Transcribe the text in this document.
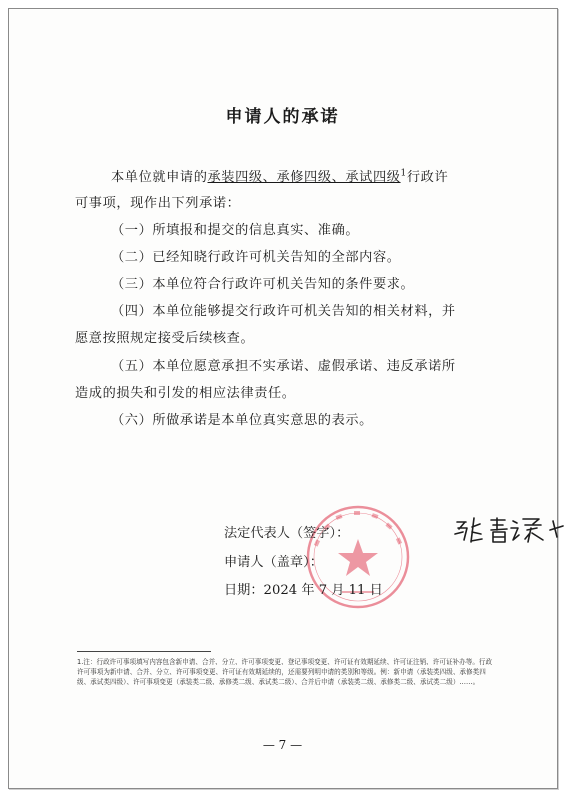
申请人的承诺
本单位就申请的承装四级、承修四级、承试四级$^1$行政许
可事项，现作出下列承诺：
（一）所填报和提交的信息真实、准确。
（二）已经知晓行政许可机关告知的全部内容。
（三）本单位符合行政许可机关告知的条件要求。
（四）本单位能够提交行政许可机关告知的相关材料，并
愿意按照规定接受后续核查。
（五）本单位愿意承担不实承诺、虚假承诺、违反承诺所
造成的损失和引发的相应法律责任。
（六）所做承诺是本单位真实意思的表示。
法定代表人（签字）：
申请人（盖章）：
日期：2024 年 7 月 11 日
1.注：行政许可事项填写内容包含新申请、合并、分立、许可事项变更、登记事项变更、许可证有效期延续、许可证注销、许可证补办等。行政许可事项为新申请、合并、分立、许可事项变更、许可证有效期延续的，还需要列明申请的类别和等级。例：新申请（承装类四级、承修类四级、承试类四级）、许可事项变更（承装类二级、承修类二级、承试类二级）、合并后申请（承装类二级、承修类二级、承试类二级）……。
— 7 —
